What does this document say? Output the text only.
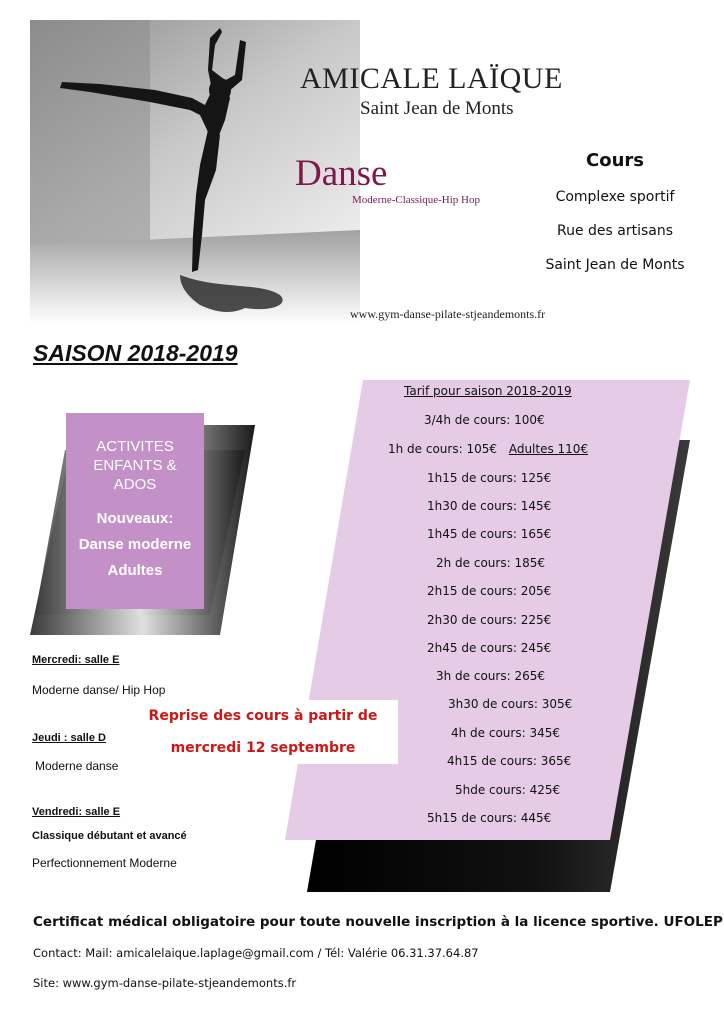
AMICALE LAÏQUE
Saint Jean de Monts
Danse
Moderne-Classique-Hip Hop
www.gym-danse-pilate-stjeandemonts.fr
Cours
Complexe sportif
Rue des artisans
Saint Jean de Monts
SAISON 2018-2019
ACTIVITES
ENFANTS &
ADOS
Nouveaux:
Danse moderne
Adultes
Mercredi: salle E
Moderne danse/ Hip Hop
Jeudi : salle D
Moderne danse
Vendredi: salle E
Classique débutant et avancé
Perfectionnement Moderne
Tarif pour saison 2018-2019
3/4h de cours: 100€
1h de cours: 105€ Adultes 110€
1h15 de cours: 125€
1h30 de cours: 145€
1h45 de cours: 165€
2h de cours: 185€
2h15 de cours: 205€
2h30 de cours: 225€
2h45 de cours: 245€
3h de cours: 265€
3h30 de cours: 305€
4h de cours: 345€
4h15 de cours: 365€
5hde cours: 425€
5h15 de cours: 445€
Reprise des cours à partir de
mercredi 12 septembre
Certificat médical obligatoire pour toute nouvelle inscription à la licence sportive. UFOLEP
Contact: Mail: amicalelaique.laplage@gmail.com / Tél: Valérie 06.31.37.64.87
Site: www.gym-danse-pilate-stjeandemonts.fr
